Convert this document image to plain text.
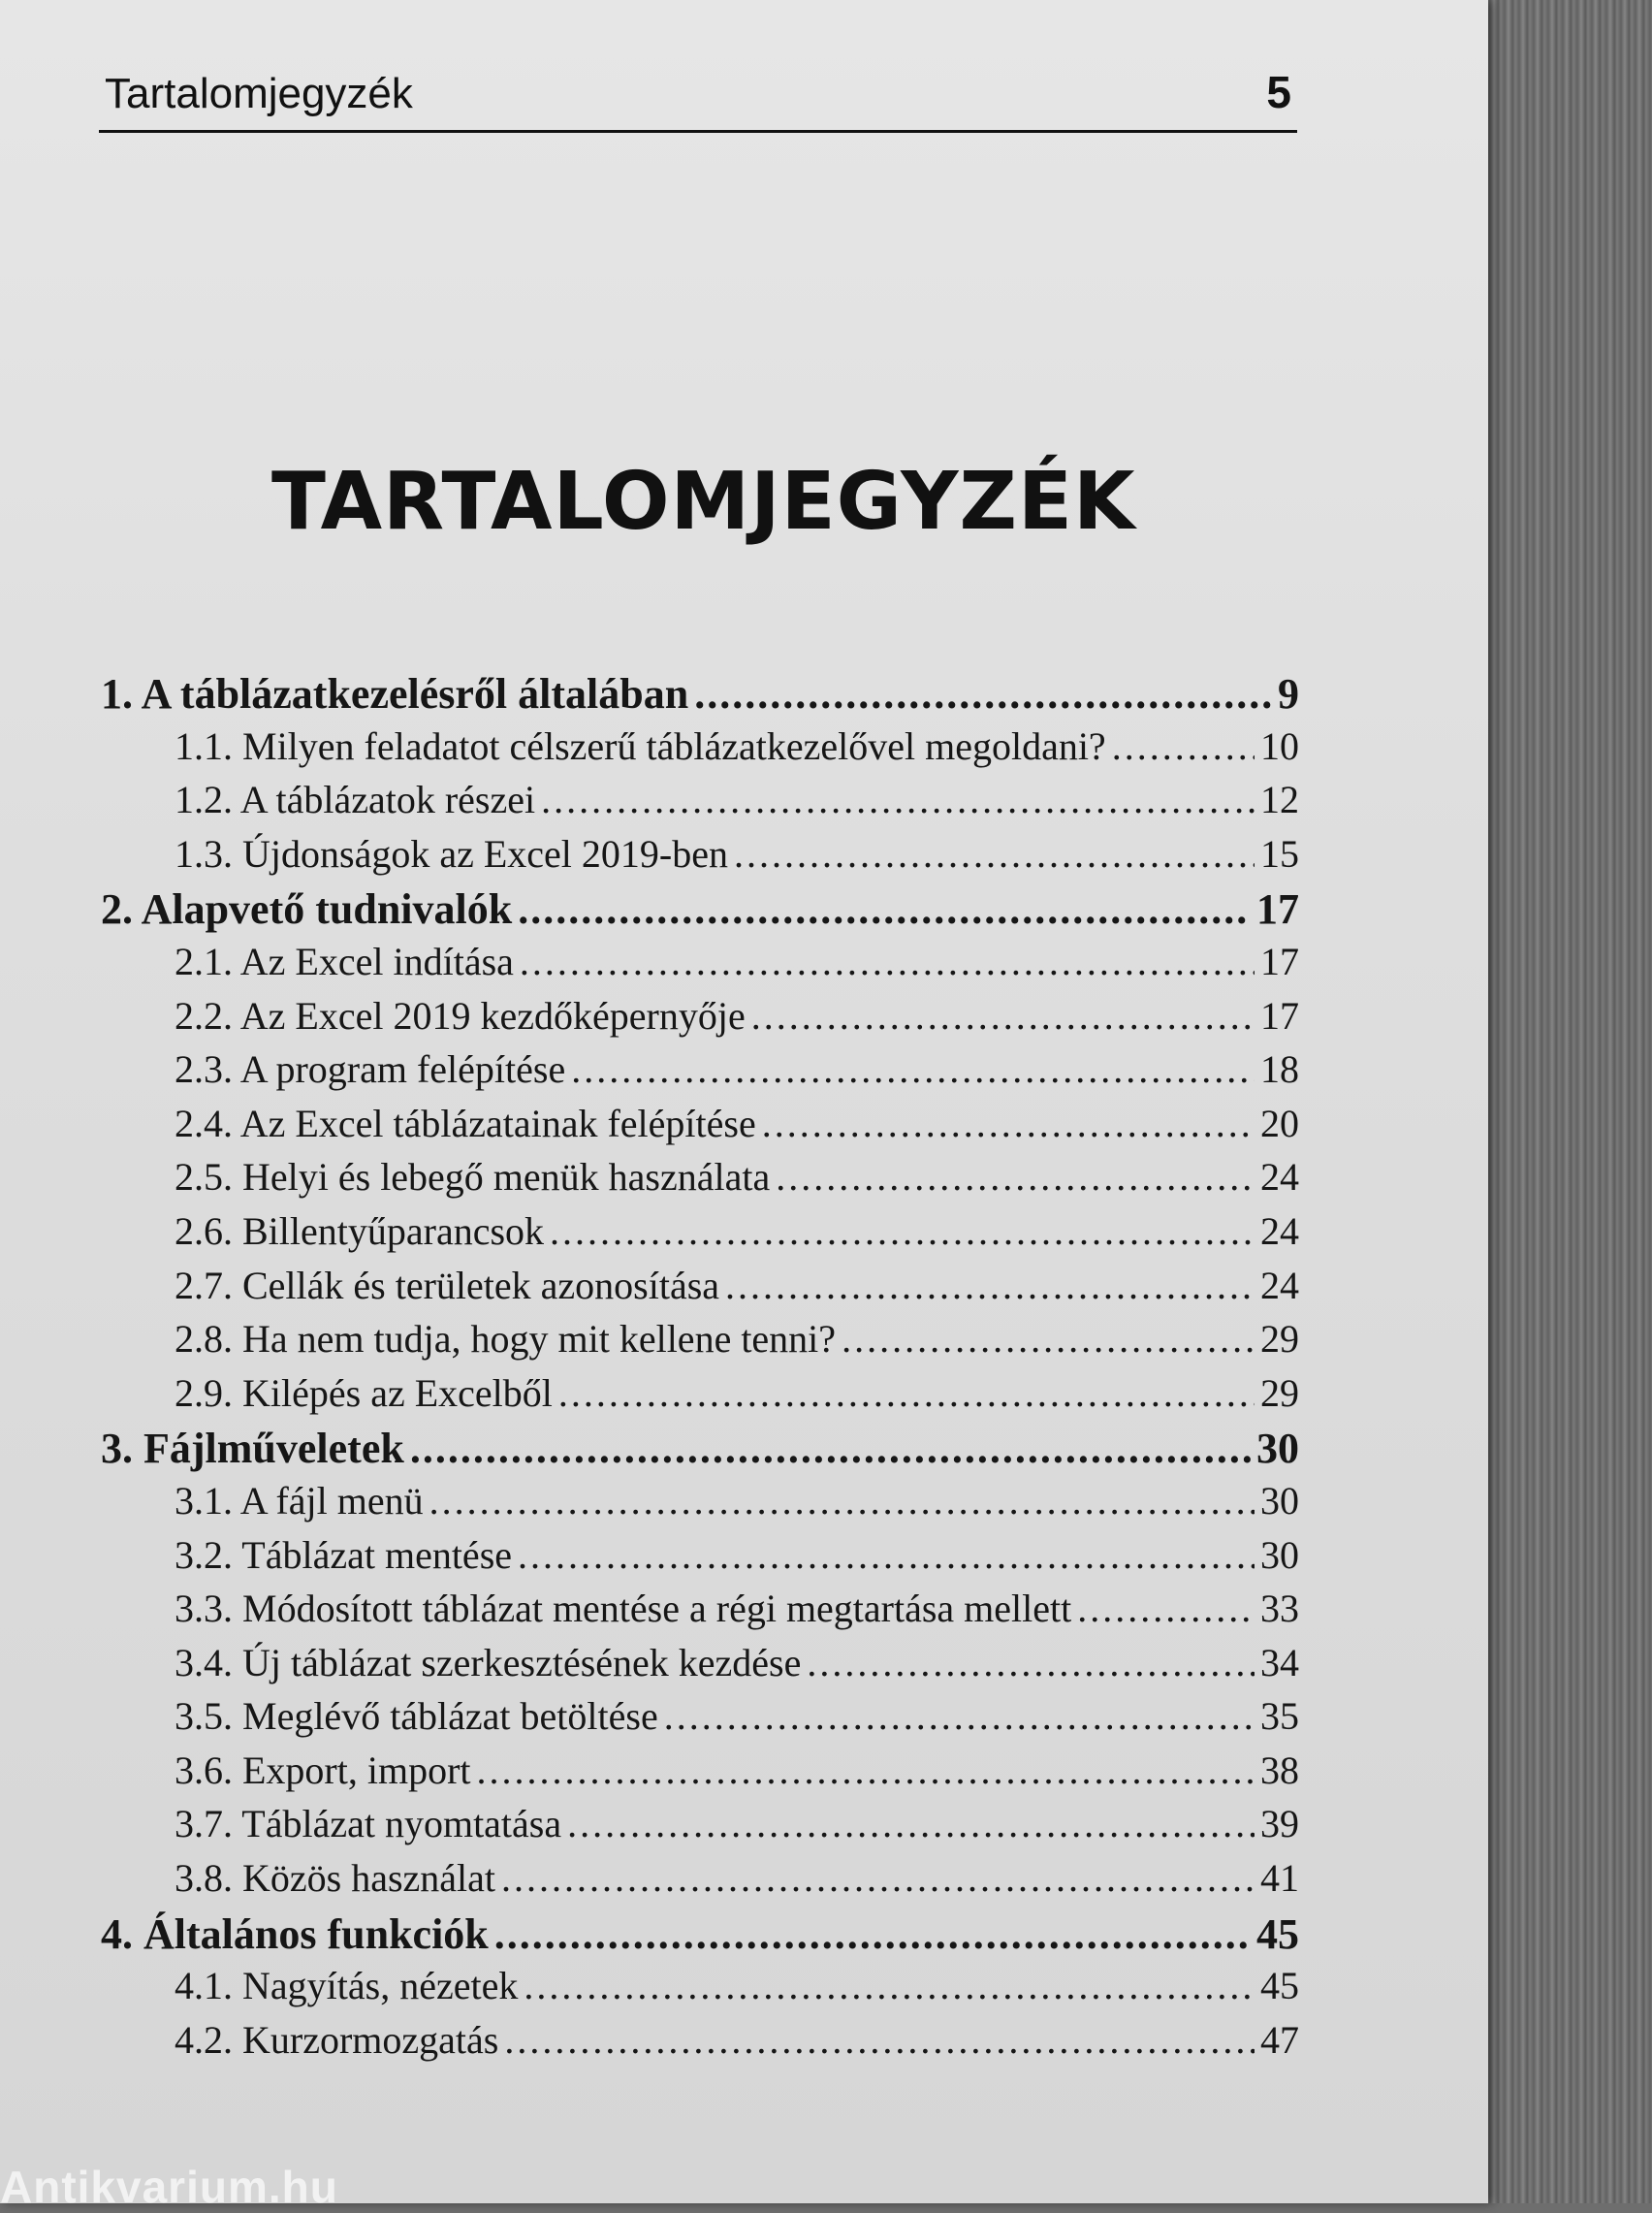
Tartalomjegyzék	5
TARTALOMJEGYZÉK
1. A táblázatkezelésről általában .....	9
1.1. Milyen feladatot célszerű táblázatkezelővel megoldani? .....	10
1.2. A táblázatok részei .....	12
1.3. Újdonságok az Excel 2019-ben .....	15
2. Alapvető tudnivalók .....	17
2.1. Az Excel indítása .....	17
2.2. Az Excel 2019 kezdőképernyője .....	17
2.3. A program felépítése .....	18
2.4. Az Excel táblázatainak felépítése .....	20
2.5. Helyi és lebegő menük használata .....	24
2.6. Billentyűparancsok .....	24
2.7. Cellák és területek azonosítása .....	24
2.8. Ha nem tudja, hogy mit kellene tenni? .....	29
2.9. Kilépés az Excelből .....	29
3. Fájlműveletek .....	30
3.1. A fájl menü .....	30
3.2. Táblázat mentése .....	30
3.3. Módosított táblázat mentése a régi megtartása mellett .....	33
3.4. Új táblázat szerkesztésének kezdése .....	34
3.5. Meglévő táblázat betöltése .....	35
3.6. Export, import .....	38
3.7. Táblázat nyomtatása .....	39
3.8. Közös használat .....	41
4. Általános funkciók .....	45
4.1. Nagyítás, nézetek .....	45
4.2. Kurzormozgatás .....	47
Antikvarium.hu
